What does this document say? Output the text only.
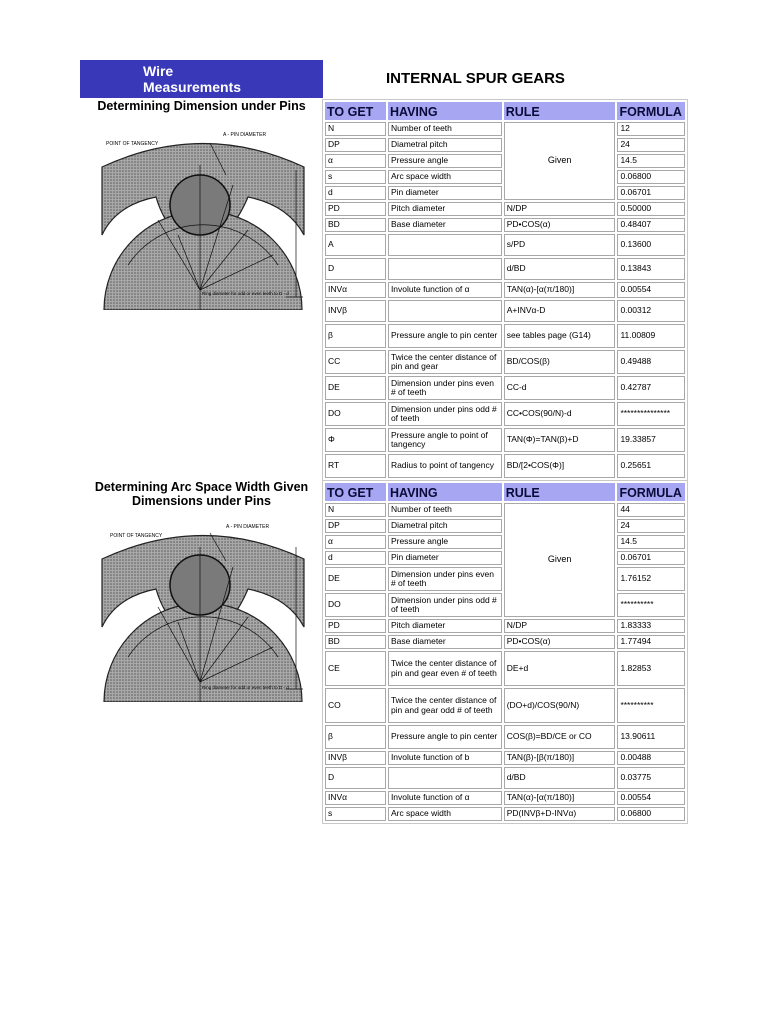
Wire
Measurements	INTERNAL SPUR GEARS
Determining Dimension under Pins
Determining Arc Space Width Given
Dimensions under Pins
A - PIN DIAMETER
POINT OF TANGENCY
Ring diameter for odd or even teeth to D - d
A - PIN DIAMETER
POINT OF TANGENCY
Ring diameter for odd or even teeth to D - d
TO GET	HAVING	RULE	FORMULA
N	Number of teeth	Given	12
DP	Diametral pitch		24
α	Pressure angle		14.5
s	Arc space width		0.06800
d	Pin diameter		0.06701
PD	Pitch diameter	N/DP	0.50000
BD	Base diameter	PD•COS(α)	0.48407
A		s/PD	0.13600
D		d/BD	0.13843
INVα	Involute function of α	TAN(α)-[α(π/180)]	0.00554
INVβ		A+INVα-D	0.00312
β	Pressure angle to pin center	see tables page (G14)	11.00809
CC	Twice the center distance of pin and gear	BD/COS(β)	0.49488
DE	Dimension under pins even # of teeth	CC-d	0.42787
DO	Dimension under pins odd # of teeth	CC•COS(90/N)-d	***************
Φ	Pressure angle to point of tangency	TAN(Φ)=TAN(β)+D	19.33857
RT	Radius to point of tangency	BD/[2•COS(Φ)]	0.25651
TO GET	HAVING	RULE	FORMULA
N	Number of teeth	Given	44
DP	Diametral pitch		24
α	Pressure angle		14.5
d	Pin diameter		0.06701
DE	Dimension under pins even # of teeth		1.76152
DO	Dimension under pins odd # of teeth		**********
PD	Pitch diameter	N/DP	1.83333
BD	Base diameter	PD•COS(α)	1.77494
CE	Twice the center distance of pin and gear even # of teeth	DE+d	1.82853
CO	Twice the center distance of pin and gear odd # of teeth	(DO+d)/COS(90/N)	**********
β	Pressure angle to pin center	COS(β)=BD/CE or CO	13.90611
INVβ	Involute function of b	TAN(β)-[β(π/180)]	0.00488
D		d/BD	0.03775
INVα	Involute function of α	TAN(α)-[α(π/180)]	0.00554
s	Arc space width	PD(INVβ+D-INVα)	0.06800
